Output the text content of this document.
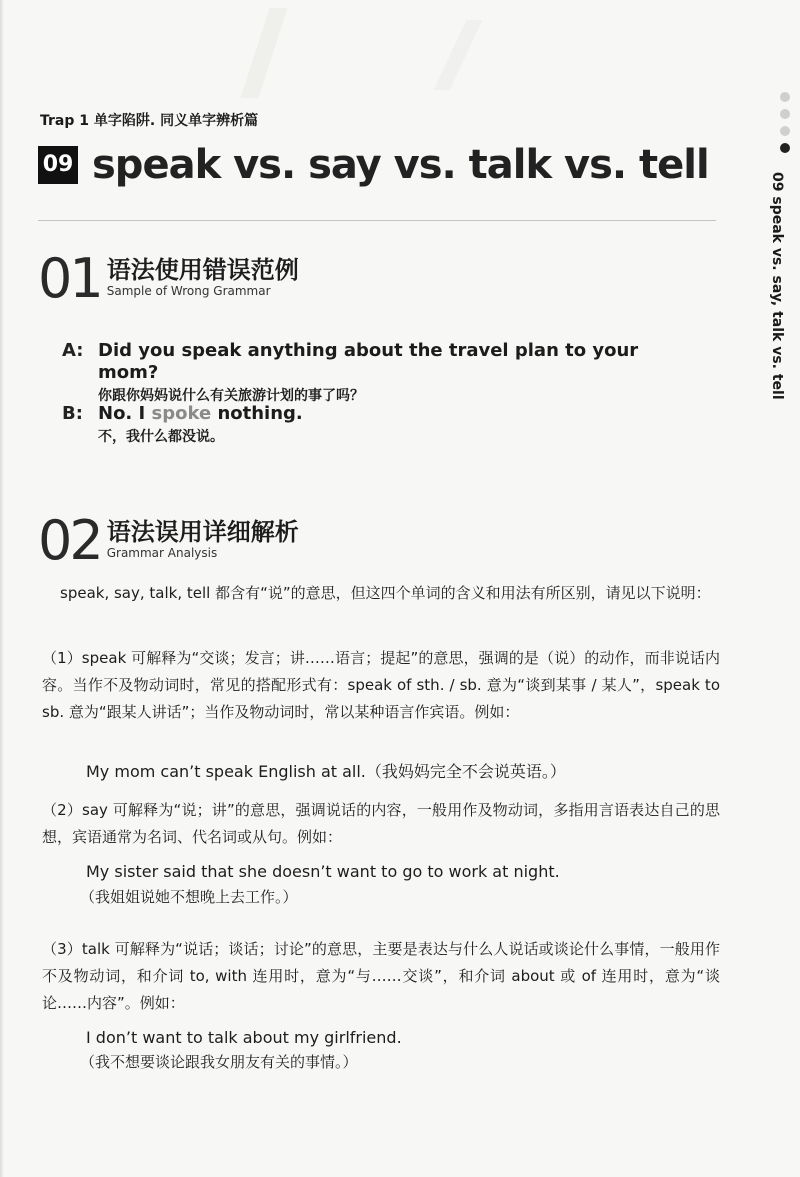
Trap 1 单字陷阱. 同义单字辨析篇
09 speak vs. say vs. talk vs. tell
09 speak vs. say, talk vs. tell
01 语法使用错误范例
Sample of Wrong Grammar
A: Did you speak anything about the travel plan to your mom?
你跟你妈妈说什么有关旅游计划的事了吗？
B: No. I spoke nothing.
不，我什么都没说。
02 语法误用详细解析
Grammar Analysis
speak, say, talk, tell 都含有“说”的意思，但这四个单词的含义和用法有所区别，请见以下说明：
（1）speak 可解释为“交谈；发言；讲……语言；提起”的意思，强调的是（说）的动作，而非说话内容。当作不及物动词时，常见的搭配形式有：speak of sth. / sb. 意为“谈到某事 / 某人”，speak to sb. 意为“跟某人讲话”；当作及物动词时，常以某种语言作宾语。例如：
My mom can’t speak English at all.（我妈妈完全不会说英语。）
（2）say 可解释为“说；讲”的意思，强调说话的内容，一般用作及物动词，多指用言语表达自己的思想，宾语通常为名词、代名词或从句。例如：
My sister said that she doesn’t want to go to work at night.
（我姐姐说她不想晚上去工作。）
（3）talk 可解释为“说话；谈话；讨论”的意思，主要是表达与什么人说话或谈论什么事情，一般用作不及物动词，和介词 to, with 连用时，意为“与……交谈”，和介词 about 或 of 连用时，意为“谈论……内容”。例如：
I don’t want to talk about my girlfriend.
（我不想要谈论跟我女朋友有关的事情。）
